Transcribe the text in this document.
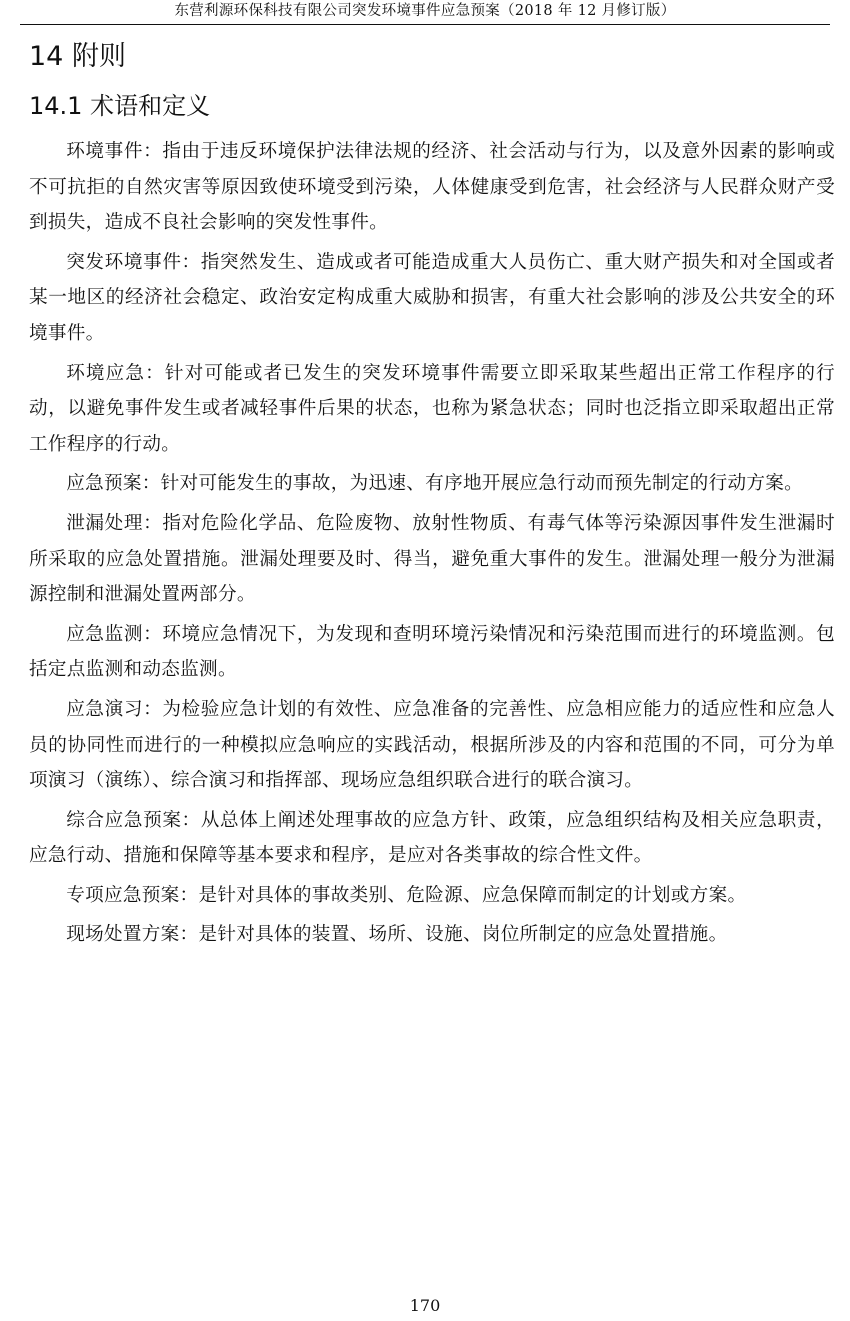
东营利源环保科技有限公司突发环境事件应急预案（2018 年 12 月修订版）
14 附则
14.1 术语和定义

环境事件：指由于违反环境保护法律法规的经济、社会活动与行为，以及意外因素的影响或不可抗拒的自然灾害等原因致使环境受到污染，人体健康受到危害，社会经济与人民群众财产受到损失，造成不良社会影响的突发性事件。

突发环境事件：指突然发生、造成或者可能造成重大人员伤亡、重大财产损失和对全国或者某一地区的经济社会稳定、政治安定构成重大威胁和损害，有重大社会影响的涉及公共安全的环境事件。

环境应急：针对可能或者已发生的突发环境事件需要立即采取某些超出正常工作程序的行动，以避免事件发生或者减轻事件后果的状态，也称为紧急状态；同时也泛指立即采取超出正常工作程序的行动。

应急预案：针对可能发生的事故，为迅速、有序地开展应急行动而预先制定的行动方案。

泄漏处理：指对危险化学品、危险废物、放射性物质、有毒气体等污染源因事件发生泄漏时所采取的应急处置措施。泄漏处理要及时、得当，避免重大事件的发生。泄漏处理一般分为泄漏源控制和泄漏处置两部分。

应急监测：环境应急情况下，为发现和查明环境污染情况和污染范围而进行的环境监测。包括定点监测和动态监测。

应急演习：为检验应急计划的有效性、应急准备的完善性、应急相应能力的适应性和应急人员的协同性而进行的一种模拟应急响应的实践活动，根据所涉及的内容和范围的不同，可分为单项演习（演练）、综合演习和指挥部、现场应急组织联合进行的联合演习。

综合应急预案：从总体上阐述处理事故的应急方针、政策，应急组织结构及相关应急职责，应急行动、措施和保障等基本要求和程序，是应对各类事故的综合性文件。

专项应急预案：是针对具体的事故类别、危险源、应急保障而制定的计划或方案。

现场处置方案：是针对具体的装置、场所、设施、岗位所制定的应急处置措施。

170
